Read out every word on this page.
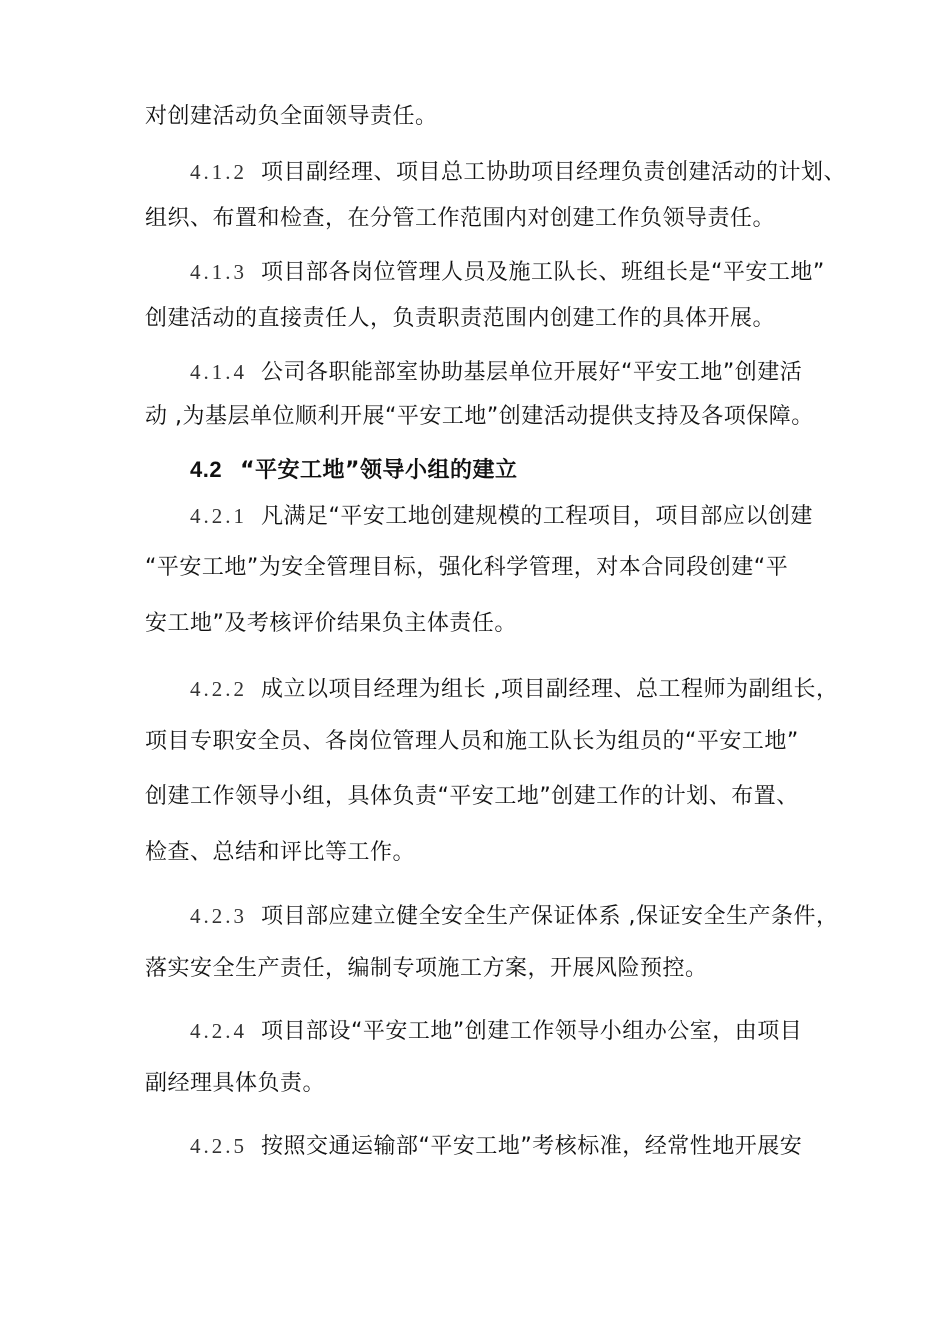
对创建活动负全面领导责任。
4.1.2 项目副经理、项目总工协助项目经理负责创建活动的计划、
组织、布置和检查，在分管工作范围内对创建工作负领导责任。
4.1.3 项目部各岗位管理人员及施工队长、班组长是“平安工地”
创建活动的直接责任人，负责职责范围内创建工作的具体开展。
4.1.4 公司各职能部室协助基层单位开展好“平安工地”创建活
动 ,为基层单位顺利开展“平安工地”创建活动提供支持及各项保障。
4.2 “平安工地”领导小组的建立
4.2.1 凡满足“平安工地创建规模的工程项目，项目部应以创建
“平安工地”为安全管理目标，强化科学管理，对本合同段创建“平
安工地”及考核评价结果负主体责任。
4.2.2 成立以项目经理为组长 ,项目副经理、总工程师为副组长，
项目专职安全员、各岗位管理人员和施工队长为组员的“平安工地”
创建工作领导小组，具体负责“平安工地”创建工作的计划、布置、
检查、总结和评比等工作。
4.2.3 项目部应建立健全安全生产保证体系 ,保证安全生产条件，
落实安全生产责任，编制专项施工方案，开展风险预控。
4.2.4 项目部设“平安工地”创建工作领导小组办公室，由项目
副经理具体负责。
4.2.5 按照交通运输部“平安工地”考核标准，经常性地开展安
